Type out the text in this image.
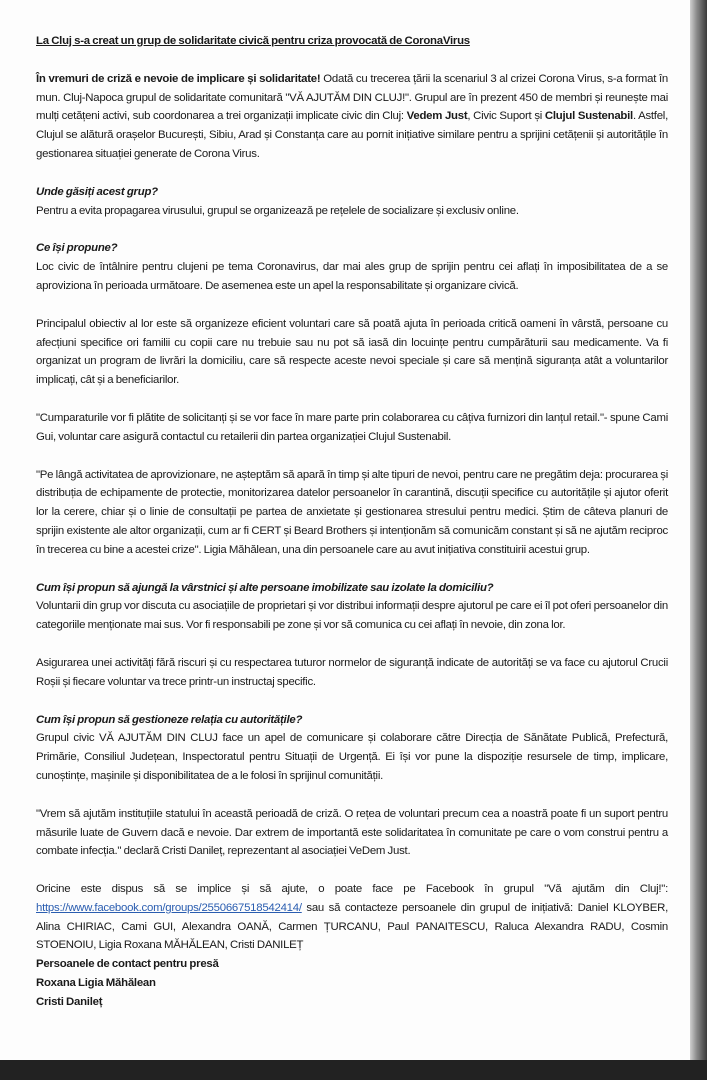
La Cluj s-a creat un grup de solidaritate civică pentru criza provocată de CoronaVirus

În vremuri de criză e nevoie de implicare și solidaritate! Odată cu trecerea țării la scenariul 3 al crizei Corona Virus, s-a format în mun. Cluj-Napoca grupul de solidaritate comunitară "VĂ AJUTĂM DIN CLUJ!". Grupul are în prezent 450 de membri și reunește mai mulți cetățeni activi, sub coordonarea a trei organizații implicate civic din Cluj: Vedem Just, Civic Suport și Clujul Sustenabil. Astfel, Clujul se alătură orașelor București, Sibiu, Arad și Constanța care au pornit inițiative similare pentru a sprijini cetățenii și autoritățile în gestionarea situației generate de Corona Virus.

Unde găsiți acest grup?

Pentru a evita propagarea virusului, grupul se organizează pe rețelele de socializare și exclusiv online.

Ce își propune?

Loc civic de întâlnire pentru clujeni pe tema Coronavirus, dar mai ales grup de sprijin pentru cei aflați în imposibilitatea de a se aproviziona în perioada următoare. De asemenea este un apel la responsabilitate și organizare civică.

Principalul obiectiv al lor este să organizeze eficient voluntari care să poată ajuta în perioada critică oameni în vârstă, persoane cu afecțiuni specifice ori familii cu copii care nu trebuie sau nu pot să iasă din locuințe pentru cumpărăturii sau medicamente. Va fi organizat un program de livrări la domiciliu, care să respecte aceste nevoi speciale și care să mențină siguranța atât a voluntarilor implicați, cât și a beneficiarilor.

"Cumparaturile vor fi plătite de solicitanți și se vor face în mare parte prin colaborarea cu câțiva furnizori din lanțul retail."- spune Cami Gui, voluntar care asigură contactul cu retailerii din partea organizației Clujul Sustenabil.

"Pe lângă activitatea de aprovizionare, ne așteptăm să apară în timp și alte tipuri de nevoi, pentru care ne pregătim deja: procurarea și distribuția de echipamente de protectie, monitorizarea datelor persoanelor în carantină, discuții specifice cu autoritățile și ajutor oferit lor la cerere, chiar și o linie de consultații pe partea de anxietate și gestionarea stresului pentru medici. Știm de câteva planuri de sprijin existente ale altor organizații, cum ar fi CERT și Beard Brothers și intenționăm să comunicăm constant și să ne ajutăm reciproc în trecerea cu bine a acestei crize". Ligia Măhălean, una din persoanele care au avut inițiativa constituirii acestui grup.

Cum își propun să ajungă la vârstnici și alte persoane imobilizate sau izolate la domiciliu?

Voluntarii din grup vor discuta cu asociațiile de proprietari și vor distribui informații despre ajutorul pe care ei îl pot oferi persoanelor din categoriile menționate mai sus. Vor fi responsabili pe zone și vor să comunica cu cei aflați în nevoie, din zona lor.

Asigurarea unei activități fără riscuri și cu respectarea tuturor normelor de siguranță indicate de autorități se va face cu ajutorul Crucii Roșii și fiecare voluntar va trece printr-un instructaj specific.

Cum își propun să gestioneze relația cu autoritățile?

Grupul civic VĂ AJUTĂM DIN CLUJ face un apel de comunicare și colaborare către Direcția de Sănătate Publică, Prefectură, Primărie, Consiliul Județean, Inspectoratul pentru Situații de Urgență. Ei își vor pune la dispoziție resursele de timp, implicare, cunoștințe, mașinile și disponibilitatea de a le folosi în sprijinul comunității.

"Vrem să ajutăm instituțiile statului în această perioadă de criză. O rețea de voluntari precum cea a noastră poate fi un suport pentru măsurile luate de Guvern dacă e nevoie. Dar extrem de importantă este solidaritatea în comunitate pe care o vom construi pentru a combate infecția." declară Cristi Danileț, reprezentant al asociației VeDem Just.

Oricine este dispus să se implice și să ajute, o poate face pe Facebook în grupul "Vă ajutăm din Cluj!": https://www.facebook.com/groups/2550667518542414/ sau să contacteze persoanele din grupul de inițiativă: Daniel KLOYBER, Alina CHIRIAC, Cami GUI, Alexandra OANĂ, Carmen ȚURCANU, Paul PANAITESCU, Raluca Alexandra RADU, Cosmin STOENOIU, Ligia Roxana MĂHĂLEAN, Cristi DANILEȚ

Persoanele de contact pentru presă

Roxana Ligia Măhălean

Cristi Danileț
